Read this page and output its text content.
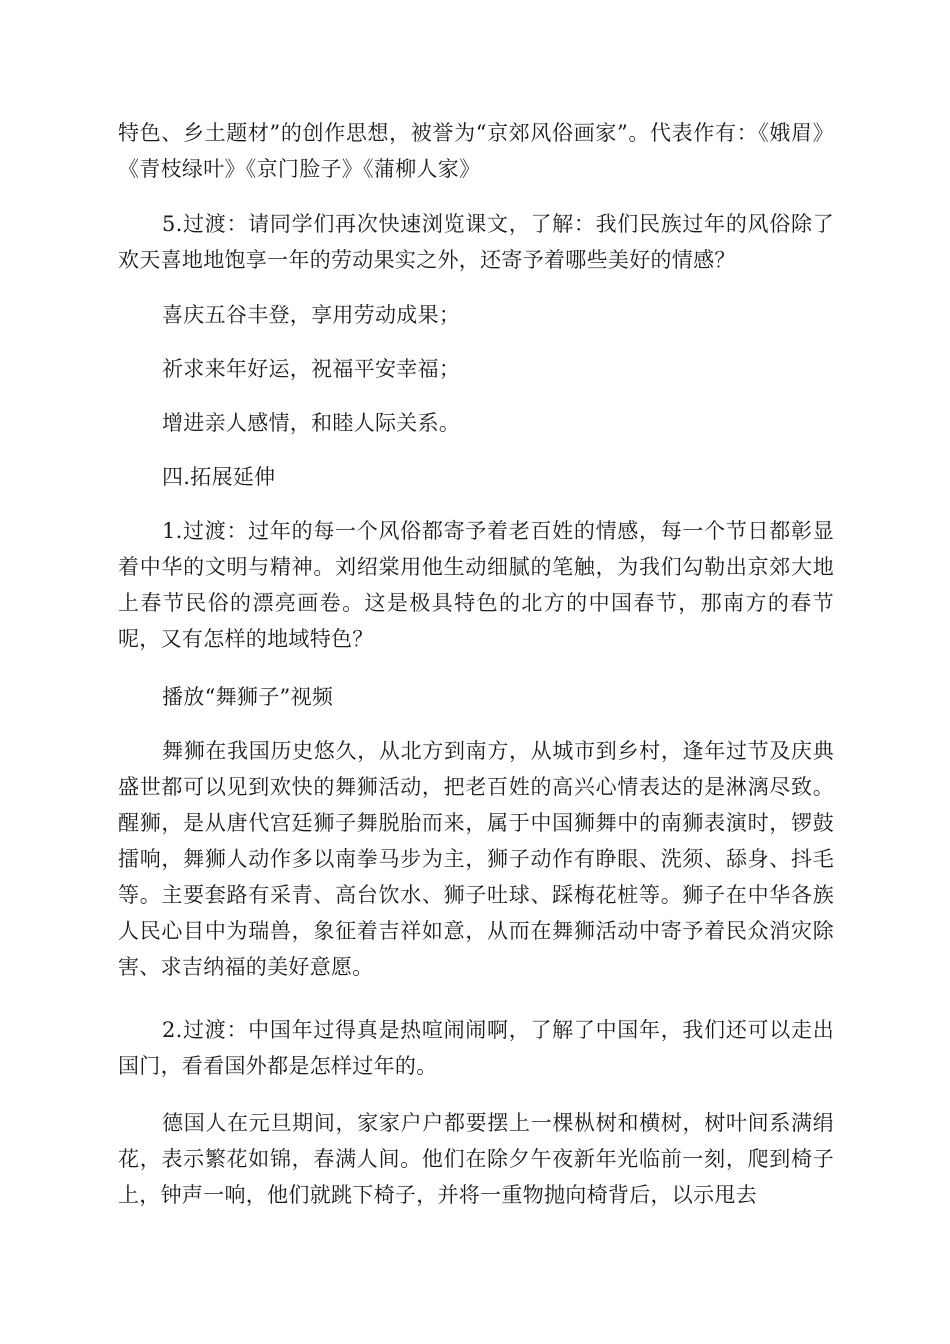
特色、乡土题材”的创作思想，被誉为“京郊风俗画家”。代表作有：《娥眉》《青枝绿叶》《京门脸子》《蒲柳人家》

5.过渡：请同学们再次快速浏览课文，了解：我们民族过年的风俗除了欢天喜地地饱享一年的劳动果实之外，还寄予着哪些美好的情感？

喜庆五谷丰登，享用劳动成果；

祈求来年好运，祝福平安幸福；

增进亲人感情，和睦人际关系。

四.拓展延伸

1.过渡：过年的每一个风俗都寄予着老百姓的情感，每一个节日都彰显着中华的文明与精神。刘绍棠用他生动细腻的笔触，为我们勾勒出京郊大地上春节民俗的漂亮画卷。这是极具特色的北方的中国春节，那南方的春节呢，又有怎样的地域特色？

播放“舞狮子”视频

舞狮在我国历史悠久，从北方到南方，从城市到乡村，逢年过节及庆典盛世都可以见到欢快的舞狮活动，把老百姓的高兴心情表达的是淋漓尽致。醒狮，是从唐代宫廷狮子舞脱胎而来，属于中国狮舞中的南狮表演时，锣鼓擂响，舞狮人动作多以南拳马步为主，狮子动作有睁眼、洗须、舔身、抖毛等。主要套路有采青、高台饮水、狮子吐球、踩梅花桩等。狮子在中华各族人民心目中为瑞兽，象征着吉祥如意，从而在舞狮活动中寄予着民众消灾除害、求吉纳福的美好意愿。

2.过渡：中国年过得真是热喧闹闹啊，了解了中国年，我们还可以走出国门，看看国外都是怎样过年的。

德国人在元旦期间，家家户户都要摆上一棵枞树和横树，树叶间系满绢花，表示繁花如锦，春满人间。他们在除夕午夜新年光临前一刻，爬到椅子上，钟声一响，他们就跳下椅子，并将一重物抛向椅背后，以示甩去
